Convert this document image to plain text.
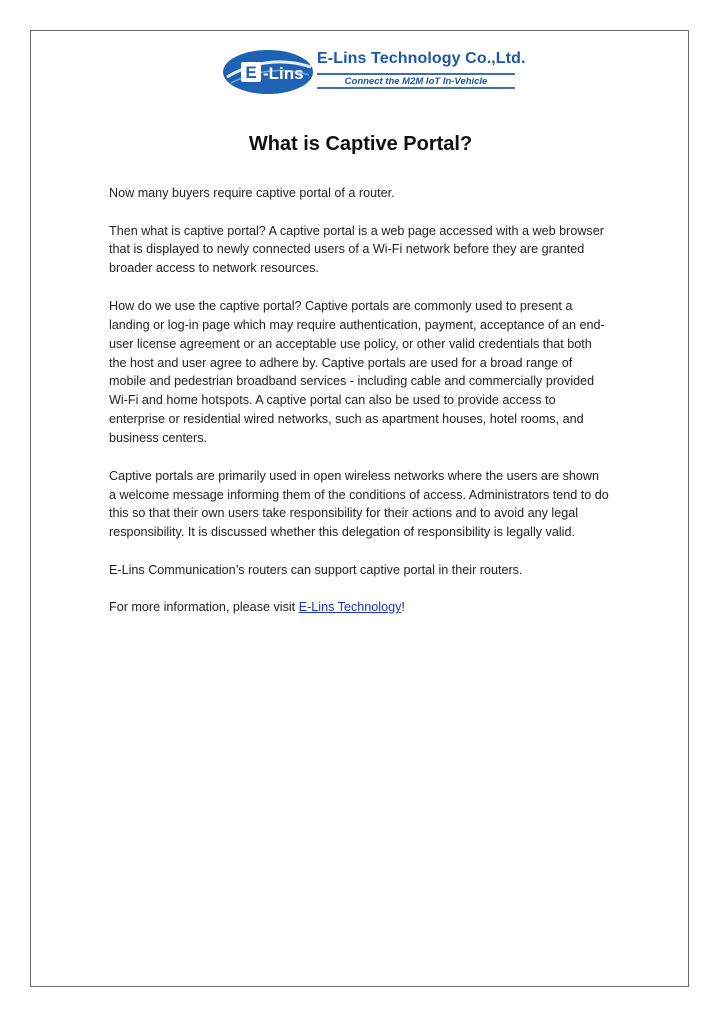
E -Lins
E-Lins Technology Co.,Ltd.
Connect the M2M IoT In-Vehicle
What is Captive Portal?

Now many buyers require captive portal of a router.

Then what is captive portal? A captive portal is a web page accessed with a web browser that is displayed to newly connected users of a Wi-Fi network before they are granted broader access to network resources.

How do we use the captive portal? Captive portals are commonly used to present a landing or log-in page which may require authentication, payment, acceptance of an end-user license agreement or an acceptable use policy, or other valid credentials that both the host and user agree to adhere by. Captive portals are used for a broad range of mobile and pedestrian broadband services - including cable and commercially provided Wi-Fi and home hotspots. A captive portal can also be used to provide access to enterprise or residential wired networks, such as apartment houses, hotel rooms, and business centers.

Captive portals are primarily used in open wireless networks where the users are shown a welcome message informing them of the conditions of access. Administrators tend to do this so that their own users take responsibility for their actions and to avoid any legal responsibility. It is discussed whether this delegation of responsibility is legally valid.

E-Lins Communication’s routers can support captive portal in their routers.

For more information, please visit E-Lins Technology!
